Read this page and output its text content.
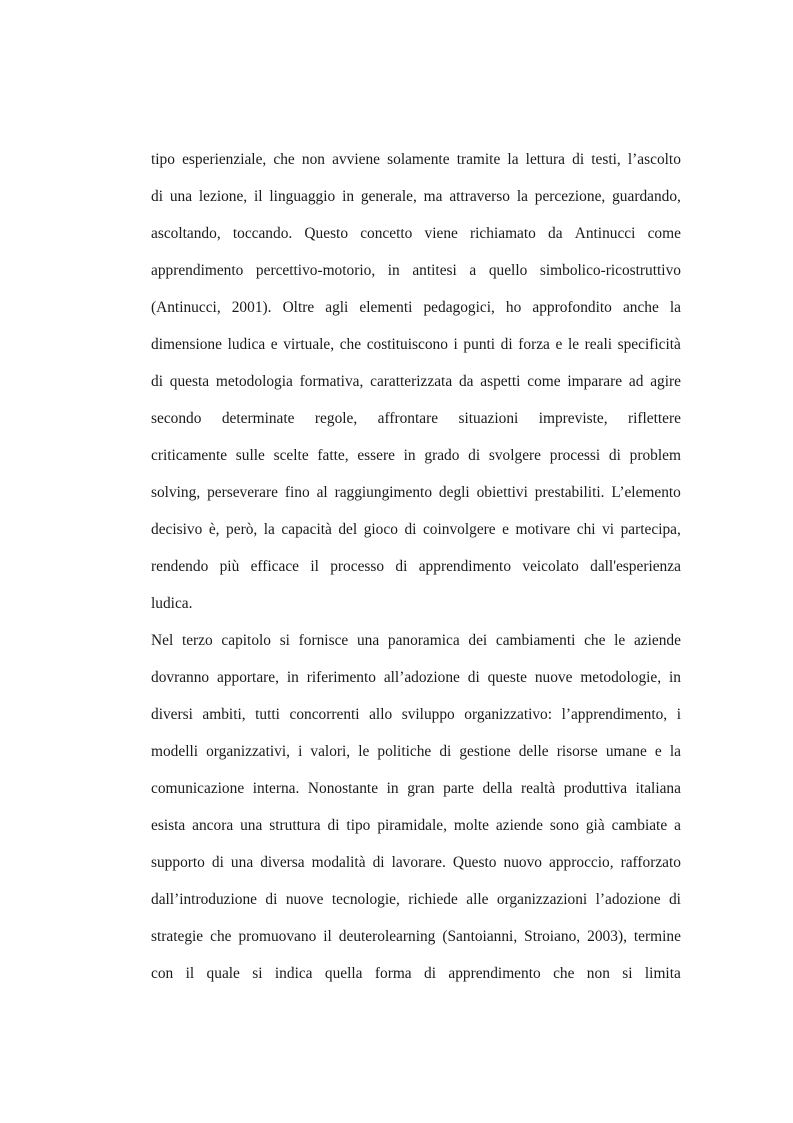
tipo esperienziale, che non avviene solamente tramite la lettura di testi, l’ascolto
di una lezione, il linguaggio in generale, ma attraverso la percezione, guardando,
ascoltando, toccando. Questo concetto viene richiamato da Antinucci come
apprendimento percettivo-motorio, in antitesi a quello simbolico-ricostruttivo
(Antinucci, 2001). Oltre agli elementi pedagogici, ho approfondito anche la
dimensione ludica e virtuale, che costituiscono i punti di forza e le reali specificità
di questa metodologia formativa, caratterizzata da aspetti come imparare ad agire
secondo determinate regole, affrontare situazioni impreviste, riflettere
criticamente sulle scelte fatte, essere in grado di svolgere processi di problem
solving, perseverare fino al raggiungimento degli obiettivi prestabiliti. L’elemento
decisivo è, però, la capacità del gioco di coinvolgere e motivare chi vi partecipa,
rendendo più efficace il processo di apprendimento veicolato dall'esperienza
ludica.
Nel terzo capitolo si fornisce una panoramica dei cambiamenti che le aziende
dovranno apportare, in riferimento all’adozione di queste nuove metodologie, in
diversi ambiti, tutti concorrenti allo sviluppo organizzativo: l’apprendimento, i
modelli organizzativi, i valori, le politiche di gestione delle risorse umane e la
comunicazione interna. Nonostante in gran parte della realtà produttiva italiana
esista ancora una struttura di tipo piramidale, molte aziende sono già cambiate a
supporto di una diversa modalità di lavorare. Questo nuovo approccio, rafforzato
dall’introduzione di nuove tecnologie, richiede alle organizzazioni l’adozione di
strategie che promuovano il deuterolearning (Santoianni, Stroiano, 2003), termine
con il quale si indica quella forma di apprendimento che non si limita
